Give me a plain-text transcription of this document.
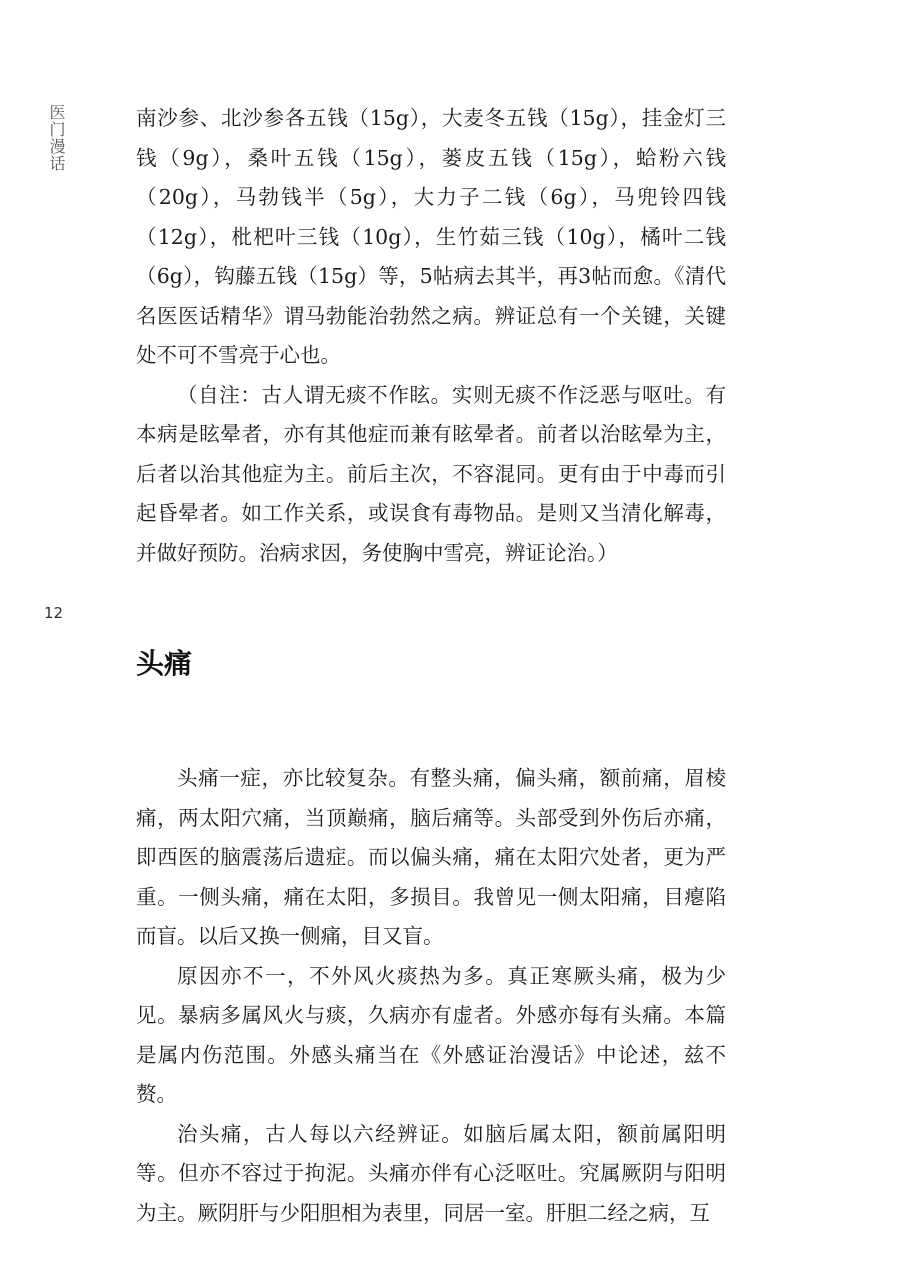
医门漫话
12

南沙参、北沙参各五钱（15g），大麦冬五钱（15g），挂金灯三钱（9g），桑叶五钱（15g），蒌皮五钱（15g），蛤粉六钱（20g），马勃钱半（5g），大力子二钱（6g），马兜铃四钱（12g），枇杷叶三钱（10g），生竹茹三钱（10g），橘叶二钱（6g），钩藤五钱（15g）等，5帖病去其半，再3帖而愈。《清代名医医话精华》谓马勃能治勃然之病。辨证总有一个关键，关键处不可不雪亮于心也。

（自注：古人谓无痰不作眩。实则无痰不作泛恶与呕吐。有本病是眩晕者，亦有其他症而兼有眩晕者。前者以治眩晕为主，后者以治其他症为主。前后主次，不容混同。更有由于中毒而引起昏晕者。如工作关系，或误食有毒物品。是则又当清化解毒，并做好预防。治病求因，务使胸中雪亮，辨证论治。）

头痛

头痛一症，亦比较复杂。有整头痛，偏头痛，额前痛，眉棱痛，两太阳穴痛，当顶巅痛，脑后痛等。头部受到外伤后亦痛，即西医的脑震荡后遗症。而以偏头痛，痛在太阳穴处者，更为严重。一侧头痛，痛在太阳，多损目。我曾见一侧太阳痛，目瘪陷而盲。以后又换一侧痛，目又盲。

原因亦不一，不外风火痰热为多。真正寒厥头痛，极为少见。暴病多属风火与痰，久病亦有虚者。外感亦每有头痛。本篇是属内伤范围。外感头痛当在《外感证治漫话》中论述，兹不赘。

治头痛，古人每以六经辨证。如脑后属太阳，额前属阳明等。但亦不容过于拘泥。头痛亦伴有心泛呕吐。究属厥阴与阳明为主。厥阴肝与少阳胆相为表里，同居一室。肝胆二经之病，互
